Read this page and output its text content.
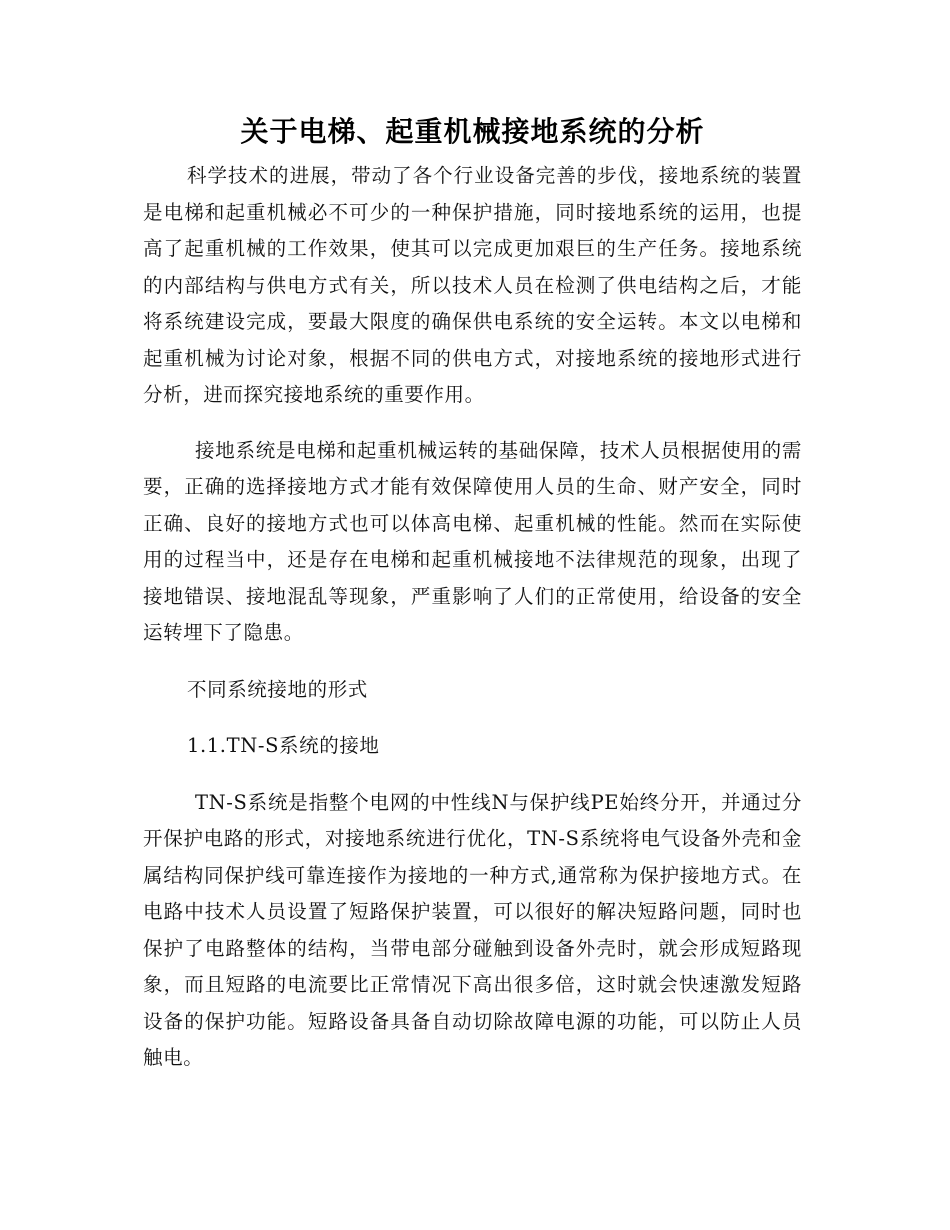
关于电梯、起重机械接地系统的分析

科学技术的进展，带动了各个行业设备完善的步伐，接地系统的装置是电梯和起重机械必不可少的一种保护措施，同时接地系统的运用，也提高了起重机械的工作效果，使其可以完成更加艰巨的生产任务。接地系统的内部结构与供电方式有关，所以技术人员在检测了供电结构之后，才能将系统建设完成，要最大限度的确保供电系统的安全运转。本文以电梯和起重机械为讨论对象，根据不同的供电方式，对接地系统的接地形式进行分析，进而探究接地系统的重要作用。

接地系统是电梯和起重机械运转的基础保障，技术人员根据使用的需要，正确的选择接地方式才能有效保障使用人员的生命、财产安全，同时正确、良好的接地方式也可以体高电梯、起重机械的性能。然而在实际使用的过程当中，还是存在电梯和起重机械接地不法律规范的现象，出现了接地错误、接地混乱等现象，严重影响了人们的正常使用，给设备的安全运转埋下了隐患。

不同系统接地的形式

1.1.TN-S系统的接地

TN-S系统是指整个电网的中性线N与保护线PE始终分开，并通过分开保护电路的形式，对接地系统进行优化，TN-S系统将电气设备外壳和金属结构同保护线可靠连接作为接地的一种方式,通常称为保护接地方式。在电路中技术人员设置了短路保护装置，可以很好的解决短路问题，同时也保护了电路整体的结构，当带电部分碰触到设备外壳时，就会形成短路现象，而且短路的电流要比正常情况下高出很多倍，这时就会快速激发短路设备的保护功能。短路设备具备自动切除故障电源的功能，可以防止人员触电。
